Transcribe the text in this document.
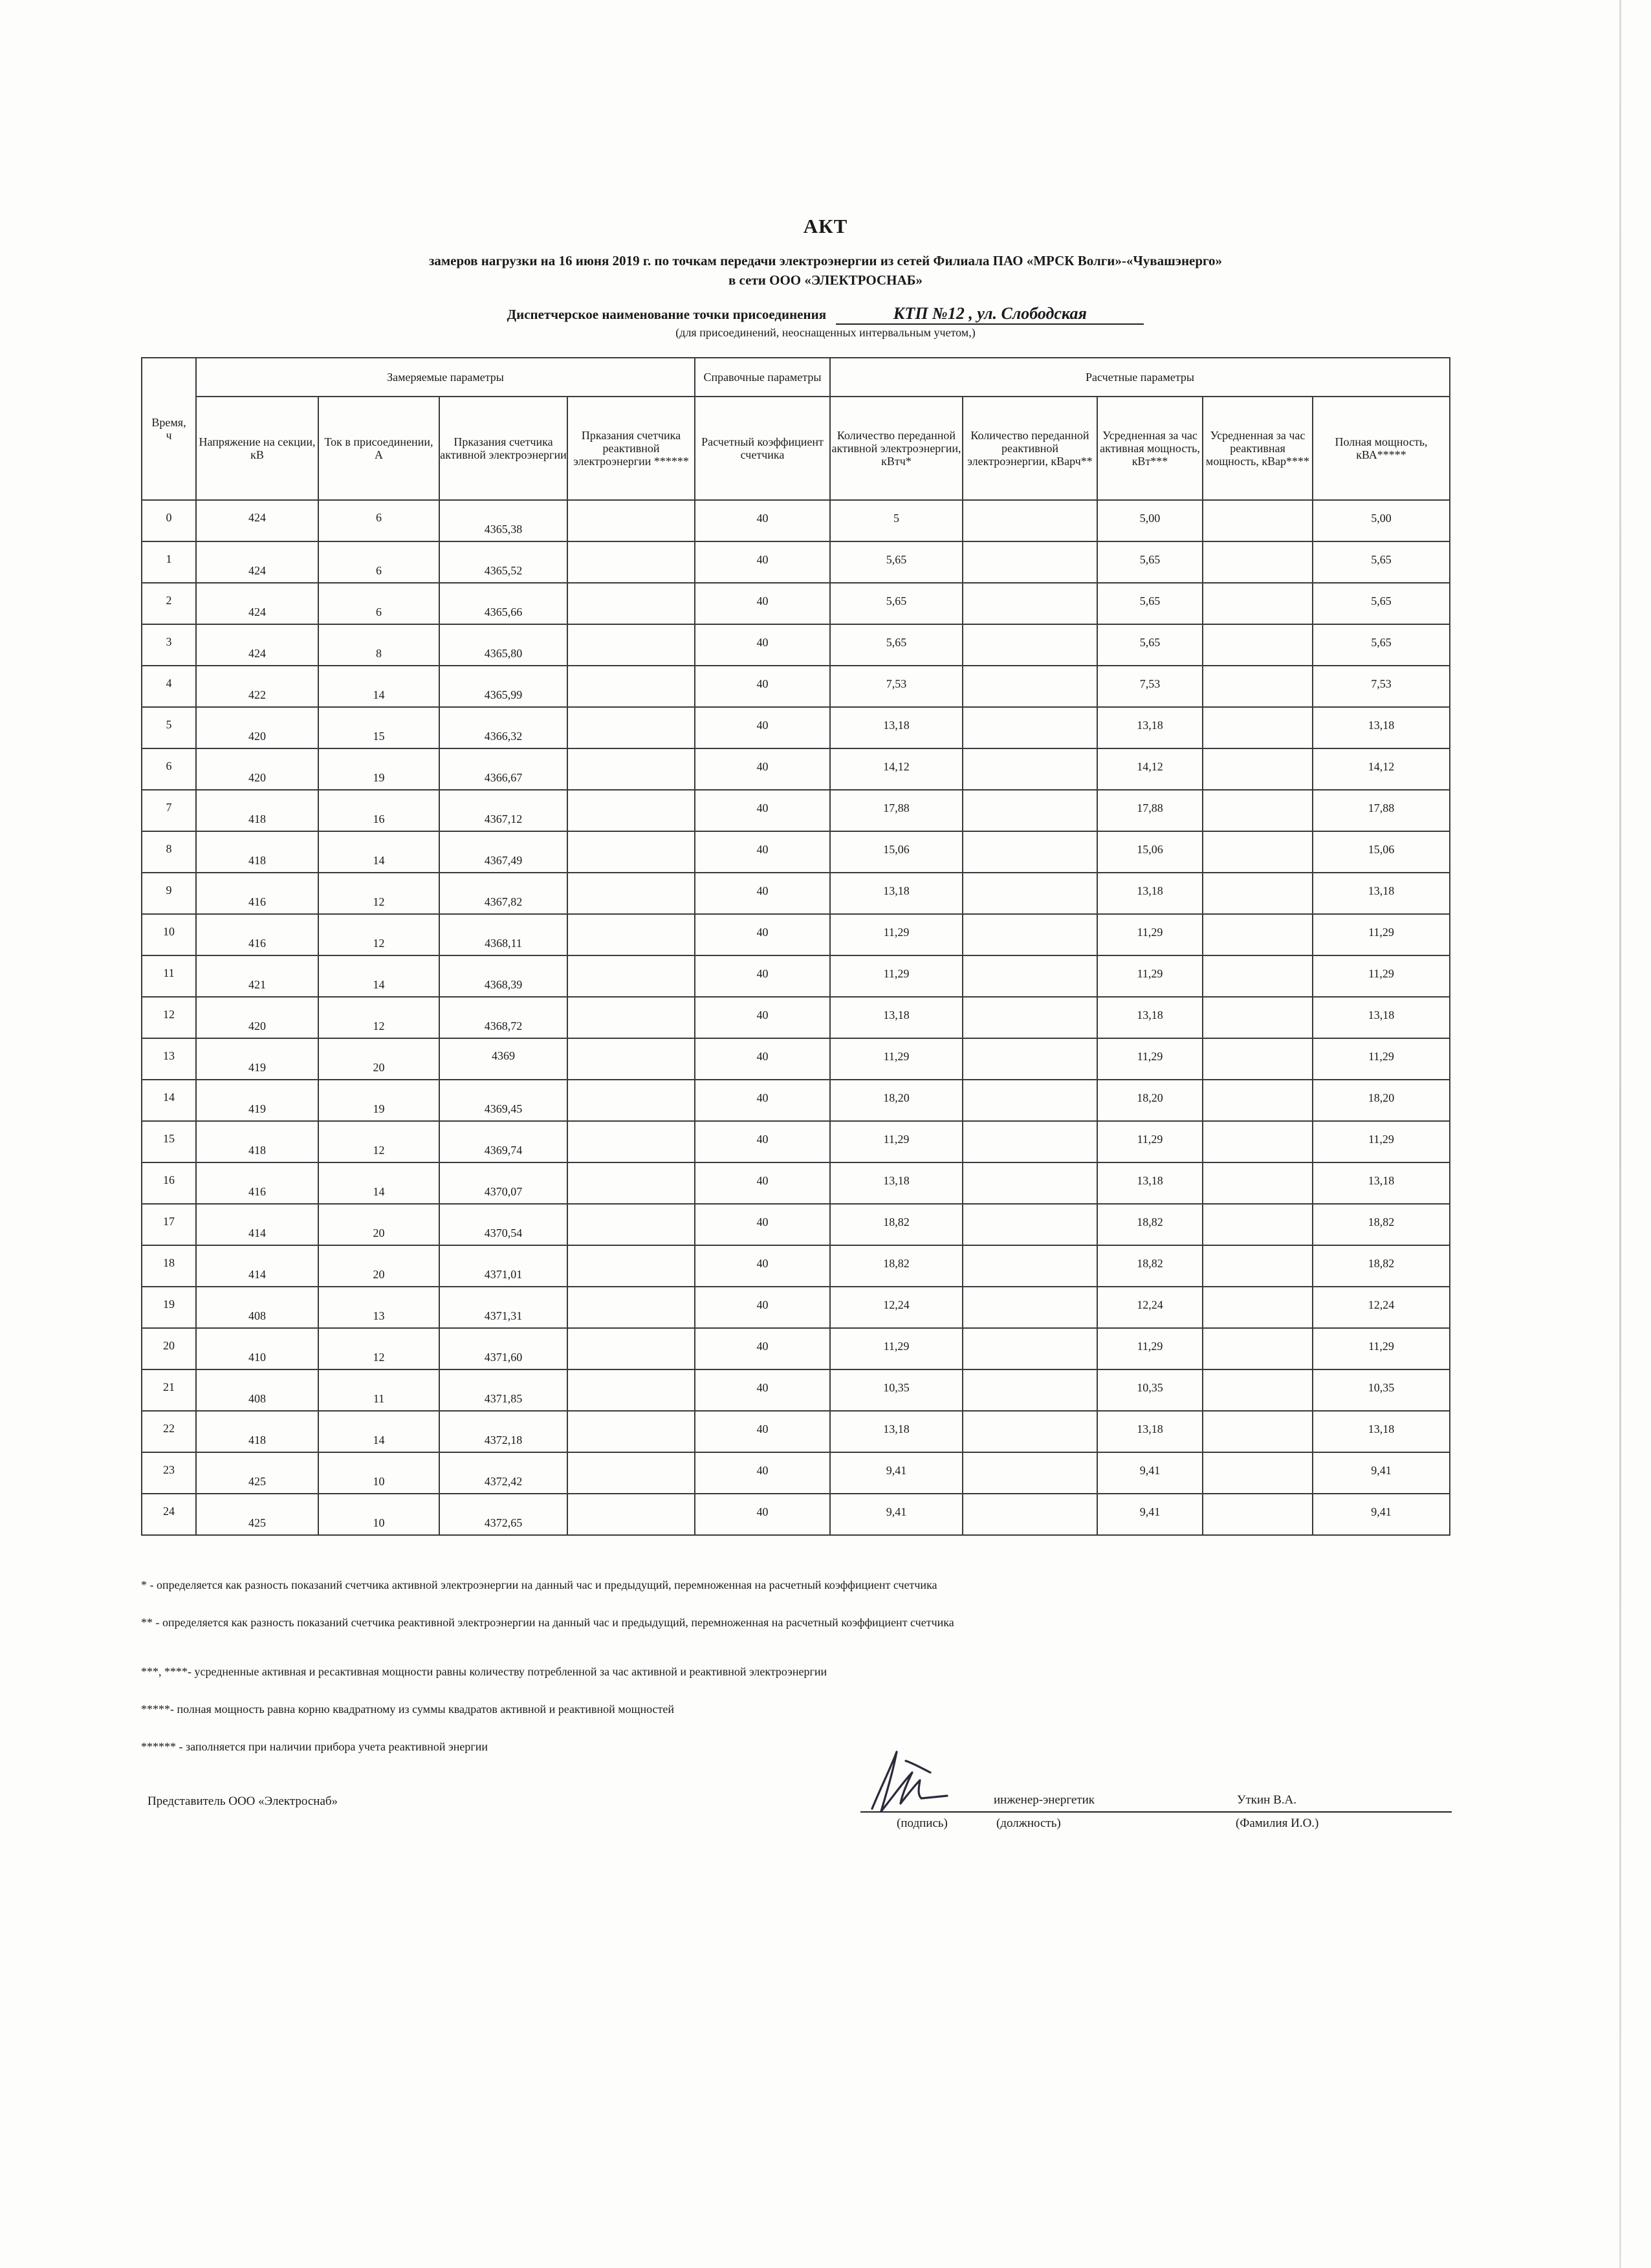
АКТ
замеров нагрузки на 16 июня 2019 г. по точкам передачи электроэнергии из сетей Филиала ПАО «МРСК Волги»-«Чувашэнерго»
в сети ООО «ЭЛЕКТРОСНАБ»
Диспетчерское наименование точки присоединения	КТП №12 , ул. Слободская
(для присоединений, неоснащенных интервальным учетом,)
Время, ч	Замеряемые параметры				Справочные параметры	Расчетные параметры				
	Напряжение на секции, кВ	Ток в присоединении, А	Прказания счетчика активной электроэнергии	Прказания счетчика реактивной электроэнергии ******	Расчетный коэффициент счетчика	Количество переданной активной электроэнергии, кВтч*	Количество переданной реактивной электроэнергии, кВарч**	Усредненная за час активная мощность, кВт***	Усредненная за час реактивная мощность, кВар****	Полная мощность, кВА*****
0	424	6	4365,38		40	5		5,00		5,00
1	424	6	4365,52		40	5,65		5,65		5,65
2	424	6	4365,66		40	5,65		5,65		5,65
3	424	8	4365,80		40	5,65		5,65		5,65
4	422	14	4365,99		40	7,53		7,53		7,53
5	420	15	4366,32		40	13,18		13,18		13,18
6	420	19	4366,67		40	14,12		14,12		14,12
7	418	16	4367,12		40	17,88		17,88		17,88
8	418	14	4367,49		40	15,06		15,06		15,06
9	416	12	4367,82		40	13,18		13,18		13,18
10	416	12	4368,11		40	11,29		11,29		11,29
11	421	14	4368,39		40	11,29		11,29		11,29
12	420	12	4368,72		40	13,18		13,18		13,18
13	419	20	4369		40	11,29		11,29		11,29
14	419	19	4369,45		40	18,20		18,20		18,20
15	418	12	4369,74		40	11,29		11,29		11,29
16	416	14	4370,07		40	13,18		13,18		13,18
17	414	20	4370,54		40	18,82		18,82		18,82
18	414	20	4371,01		40	18,82		18,82		18,82
19	408	13	4371,31		40	12,24		12,24		12,24
20	410	12	4371,60		40	11,29		11,29		11,29
21	408	11	4371,85		40	10,35		10,35		10,35
22	418	14	4372,18		40	13,18		13,18		13,18
23	425	10	4372,42		40	9,41		9,41		9,41
24	425	10	4372,65		40	9,41		9,41		9,41
* - определяется как разность показаний счетчика активной электроэнергии на данный час и предыдущий, перемноженная на расчетный коэффициент счетчика
** - определяется как разность показаний счетчика реактивной электроэнергии на данный час и предыдущий, перемноженная на расчетный коэффициент счетчика
***, ****- усредненные активная и ресактивная мощности равны количеству потребленной за час активной и реактивной электроэнергии
*****- полная мощность равна корню квадратному из суммы квадратов активной и реактивной мощностей
****** - заполняется при наличии прибора учета реактивной энергии
Представитель ООО «Электроснаб»	инженер-энергетик	Уткин В.А.
(подпись)	(должность)	(Фамилия И.О.)
